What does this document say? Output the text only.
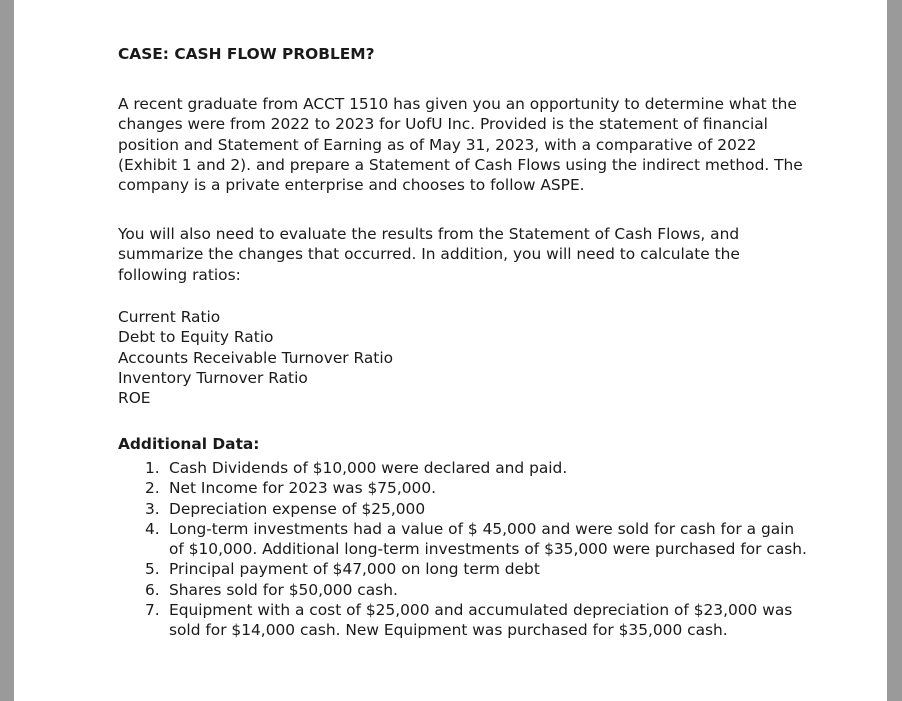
CASE: CASH FLOW PROBLEM?

A recent graduate from ACCT 1510 has given you an opportunity to determine what the changes were from 2022 to 2023 for UofU Inc. Provided is the statement of financial position and Statement of Earning as of May 31, 2023, with a comparative of 2022 (Exhibit 1 and 2). and prepare a Statement of Cash Flows using the indirect method. The company is a private enterprise and chooses to follow ASPE.

You will also need to evaluate the results from the Statement of Cash Flows, and summarize the changes that occurred. In addition, you will need to calculate the following ratios:

Current Ratio
Debt to Equity Ratio
Accounts Receivable Turnover Ratio
Inventory Turnover Ratio
ROE
Additional Data:
1. Cash Dividends of $10,000 were declared and paid.
2. Net Income for 2023 was $75,000.
3. Depreciation expense of $25,000
4. Long-term investments had a value of $ 45,000 and were sold for cash for a gain of $10,000. Additional long-term investments of $35,000 were purchased for cash.
5. Principal payment of $47,000 on long term debt
6. Shares sold for $50,000 cash.
7. Equipment with a cost of $25,000 and accumulated depreciation of $23,000 was sold for $14,000 cash. New Equipment was purchased for $35,000 cash.
